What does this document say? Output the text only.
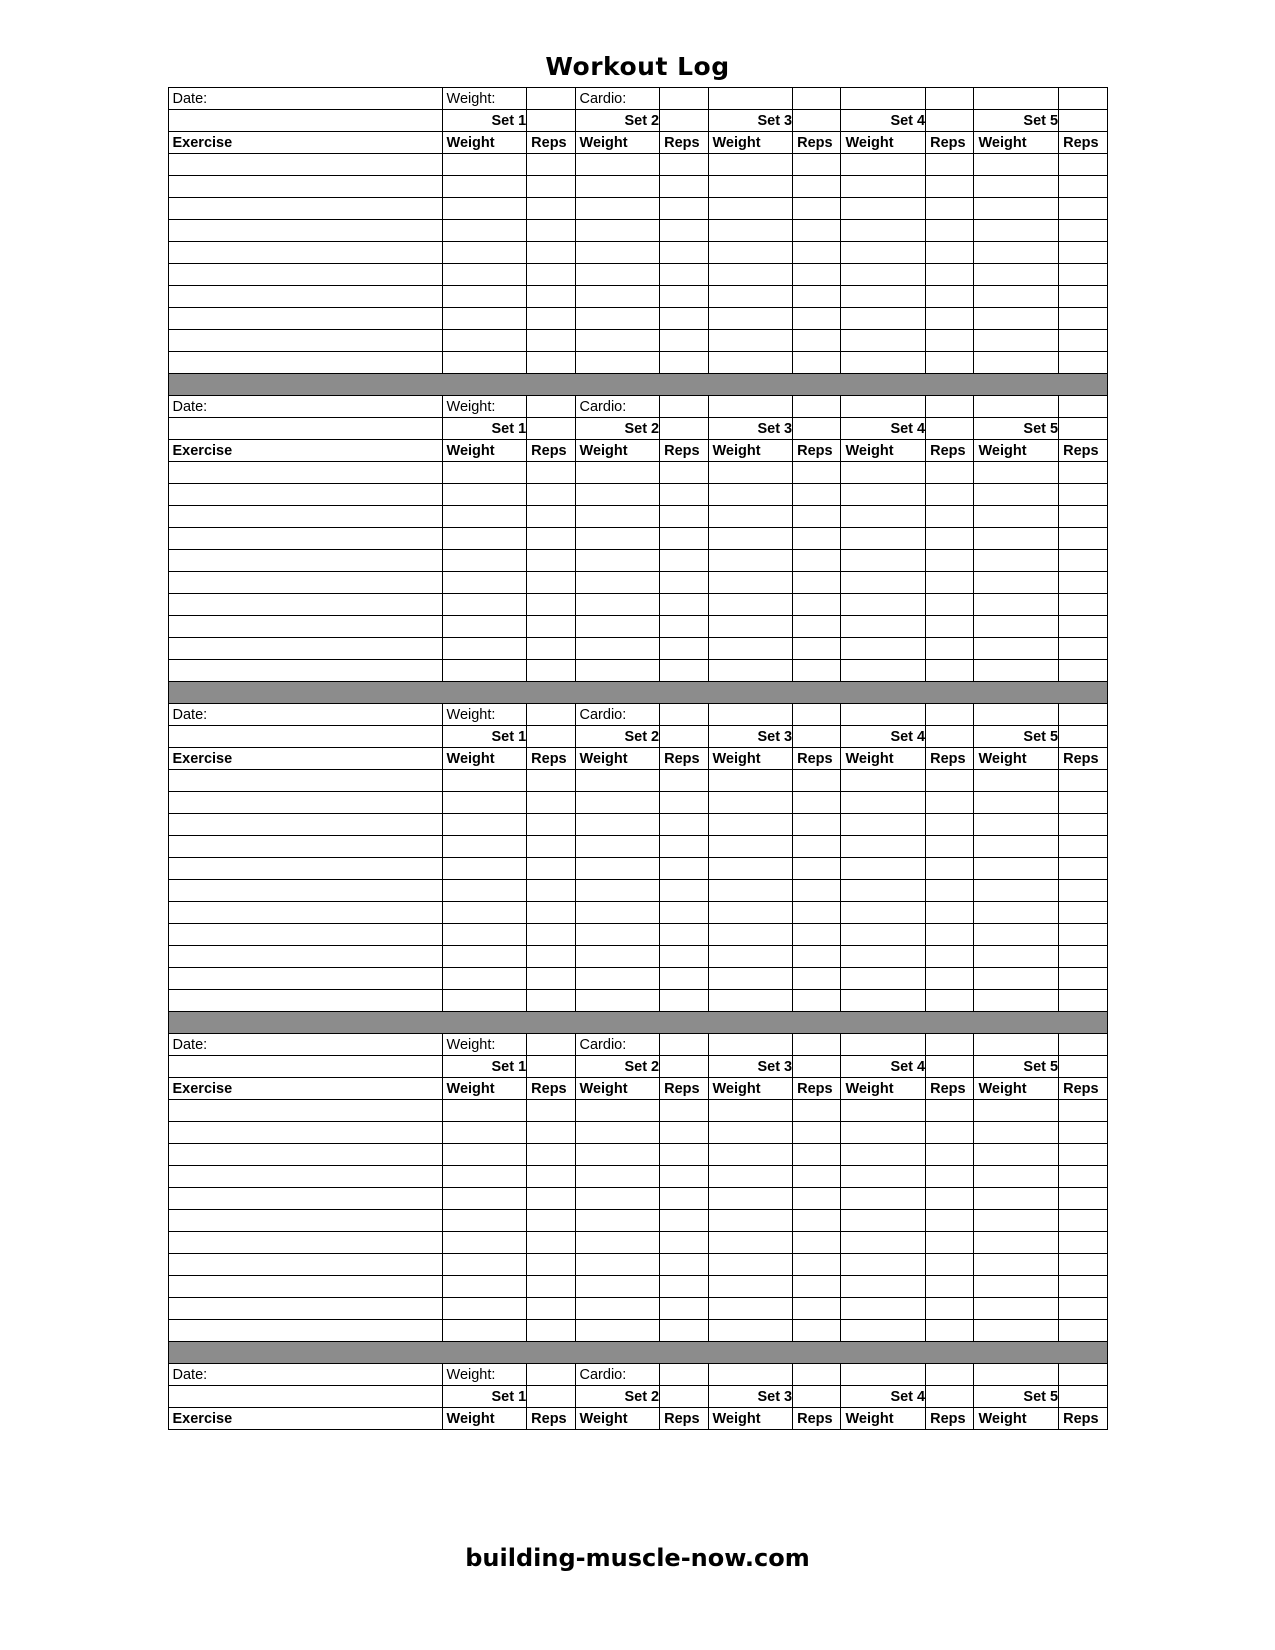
Workout Log
Date:	Weight:		Cardio:							
	Set 1		Set 2		Set 3		Set 4		Set 5	
Exercise	Weight	Reps	Weight	Reps	Weight	Reps	Weight	Reps	Weight	Reps

Date:	Weight:		Cardio:							
	Set 1		Set 2		Set 3		Set 4		Set 5	
Exercise	Weight	Reps	Weight	Reps	Weight	Reps	Weight	Reps	Weight	Reps

Date:	Weight:		Cardio:							
	Set 1		Set 2		Set 3		Set 4		Set 5	
Exercise	Weight	Reps	Weight	Reps	Weight	Reps	Weight	Reps	Weight	Reps

Date:	Weight:		Cardio:							
	Set 1		Set 2		Set 3		Set 4		Set 5	
Exercise	Weight	Reps	Weight	Reps	Weight	Reps	Weight	Reps	Weight	Reps

Date:	Weight:		Cardio:							
	Set 1		Set 2		Set 3		Set 4		Set 5	
Exercise	Weight	Reps	Weight	Reps	Weight	Reps	Weight	Reps	Weight	Reps
building-muscle-now.com
